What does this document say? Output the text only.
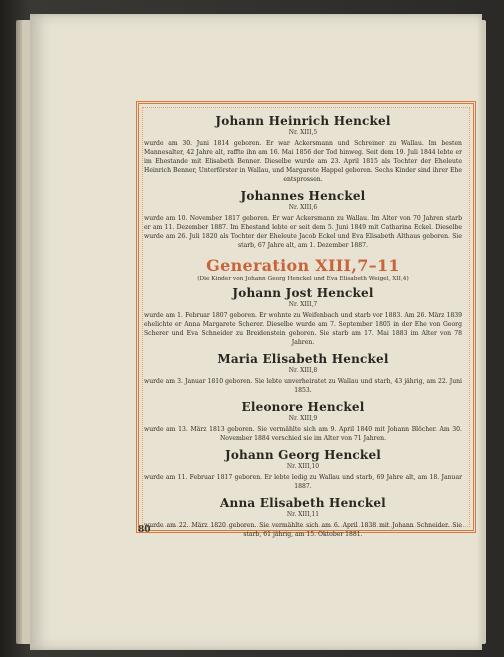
Johann Heinrich Henckel
Nr. XIII,5
wurde am 30. Juni 1814 geboren. Er war Ackersmann und Schreiner zu Wallau. Im besten Mannesalter, 42 Jahre alt, raffte ihn am 16. Mai 1856 der Tod hinweg. Seit dem 19. Juli 1844 lebte er im Ehestande mit Elisabeth Benner. Dieselbe wurde am 23. April 1815 als Tochter der Eheleute Heinrich Benner, Unterförster in Wallau, und Margarete Happel geboren. Sechs Kinder sind ihrer Ehe entsprossen.
Johannes Henckel
Nr. XIII,6
wurde am 10. November 1817 geboren. Er war Ackersmann zu Wallau. Im Alter von 70 Jahren starb er am 11. Dezember 1887. Im Ehestand lebte er seit dem 5. Juni 1849 mit Catharina Eckel. Dieselbe wurde am 26. Juli 1820 als Tochter der Eheleute Jacob Eckel und Eva Elisabeth Althaus geboren. Sie starb, 67 Jahre alt, am 1. Dezember 1887.
Generation XIII,7–11
(Die Kinder von Johann Georg Henckel und Eva Elisabeth Weigel, XII,4)
Johann Jost Henckel
Nr. XIII,7
wurde am 1. Februar 1807 geboren. Er wohnte zu Weifenbach und starb vor 1883. Am 26. März 1839 ehelichte er Anna Margarete Scherer. Dieselbe wurde am 7. September 1805 in der Ehe von Georg Scherer und Eva Schneider zu Breidenstein geboren. Sie starb am 17. Mai 1883 im Alter von 78 Jahren.
Maria Elisabeth Henckel
Nr. XIII,8
wurde am 3. Januar 1810 geboren. Sie lebte unverheiratet zu Wallau und starb, 43 jährig, am 22. Juni 1853.
Eleonore Henckel
Nr. XIII,9
wurde am 13. März 1813 geboren. Sie vermählte sich am 9. April 1840 mit Johann Blöcher. Am 30. November 1884 verschied sie im Alter von 71 Jahren.
Johann Georg Henckel
Nr. XIII,10
wurde am 11. Februar 1817 geboren. Er lebte ledig zu Wallau und starb, 69 Jahre alt, am 18. Januar 1887.
Anna Elisabeth Henckel
Nr. XIII,11
wurde am 22. März 1820 geboren. Sie vermählte sich am 6. April 1838 mit Johann Schneider. Sie starb, 61 jährig, am 15. Oktober 1881.
80
